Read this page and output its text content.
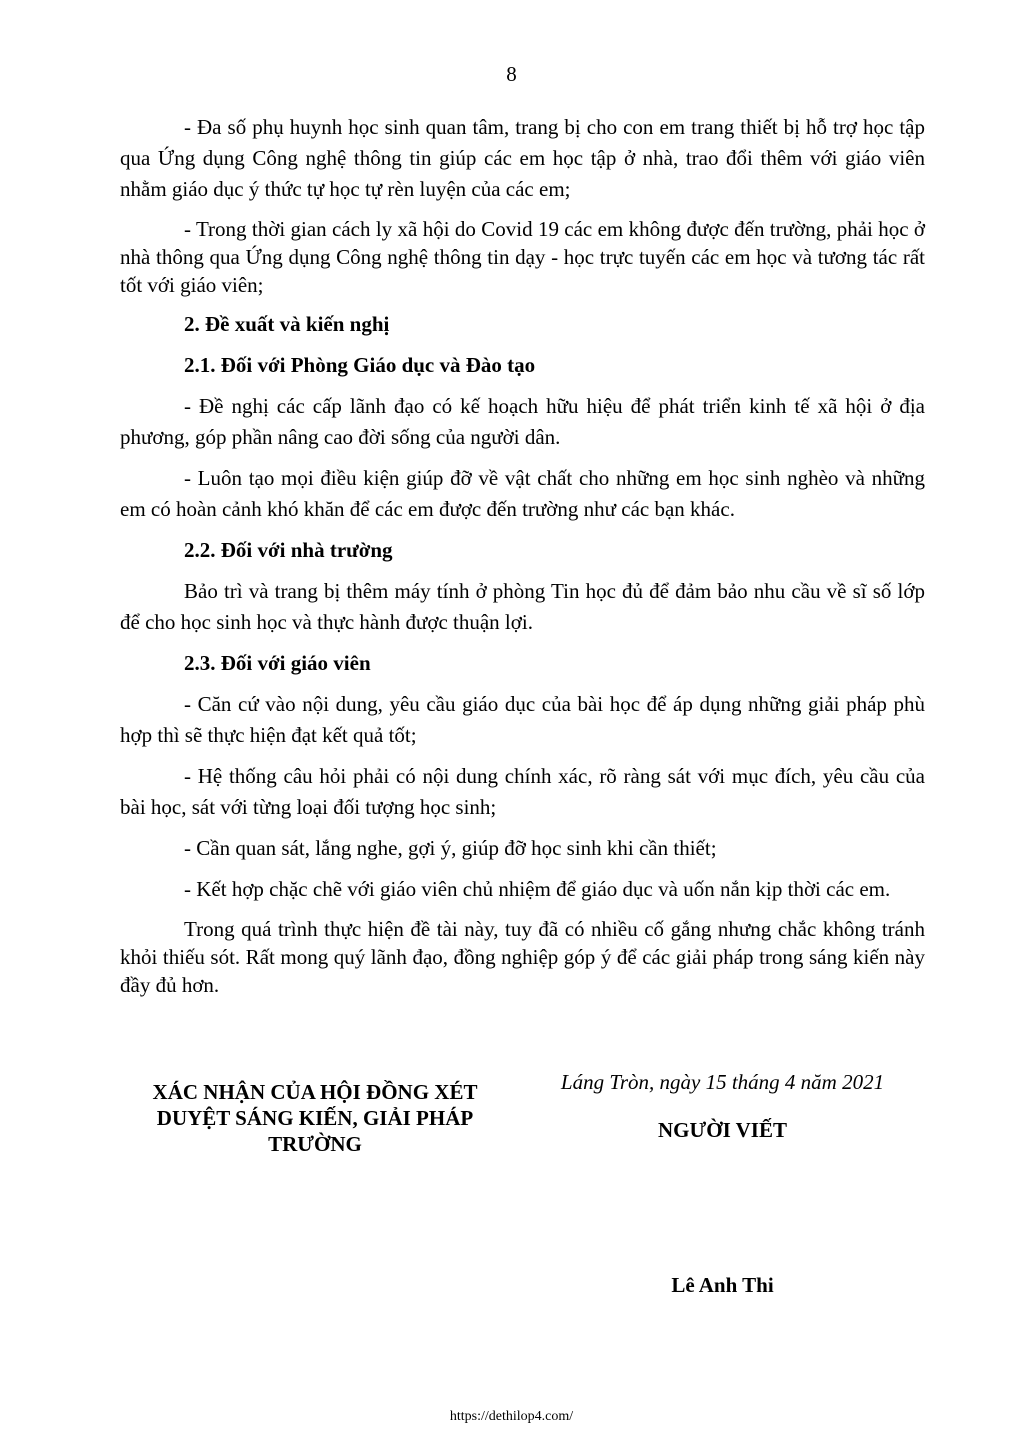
8

- Đa số phụ huynh học sinh quan tâm, trang bị cho con em trang thiết bị hỗ trợ học tập qua Ứng dụng Công nghệ thông tin giúp các em học tập ở nhà, trao đổi thêm với giáo viên nhằm giáo dục ý thức tự học tự rèn luyện của các em;

- Trong thời gian cách ly xã hội do Covid 19 các em không được đến trường, phải học ở nhà thông qua Ứng dụng Công nghệ thông tin dạy - học trực tuyến các em học và tương tác rất tốt với giáo viên;

2. Đề xuất và kiến nghị

2.1. Đối với Phòng Giáo dục và Đào tạo

- Đề nghị các cấp lãnh đạo có kế hoạch hữu hiệu để phát triển kinh tế xã hội ở địa phương, góp phần nâng cao đời sống của người dân.

- Luôn tạo mọi điều kiện giúp đỡ về vật chất cho những em học sinh nghèo và những em có hoàn cảnh khó khăn để các em được đến trường như các bạn khác.

2.2. Đối với nhà trường

Bảo trì và trang bị thêm máy tính ở phòng Tin học đủ để đảm bảo nhu cầu về sĩ số lớp để cho học sinh học và thực hành được thuận lợi.

2.3. Đối với giáo viên

- Căn cứ vào nội dung, yêu cầu giáo dục của bài học để áp dụng những giải pháp phù hợp thì sẽ thực hiện đạt kết quả tốt;

- Hệ thống câu hỏi phải có nội dung chính xác, rõ ràng sát với mục đích, yêu cầu của bài học, sát với từng loại đối tượng học sinh;

- Cần quan sát, lắng nghe, gợi ý, giúp đỡ học sinh khi cần thiết;

- Kết hợp chặc chẽ với giáo viên chủ nhiệm để giáo dục và uốn nắn kịp thời các em.

Trong quá trình thực hiện đề tài này, tuy đã có nhiều cố gắng nhưng chắc không tránh khỏi thiếu sót. Rất mong quý lãnh đạo, đồng nghiệp góp ý để các giải pháp trong sáng kiến này đầy đủ hơn.

XÁC NHẬN CỦA HỘI ĐỒNG XÉT
DUYỆT SÁNG KIẾN, GIẢI PHÁP
TRƯỜNG
Láng Tròn, ngày 15 tháng 4 năm 2021
NGƯỜI VIẾT
Lê Anh Thi
https://dethilop4.com/
